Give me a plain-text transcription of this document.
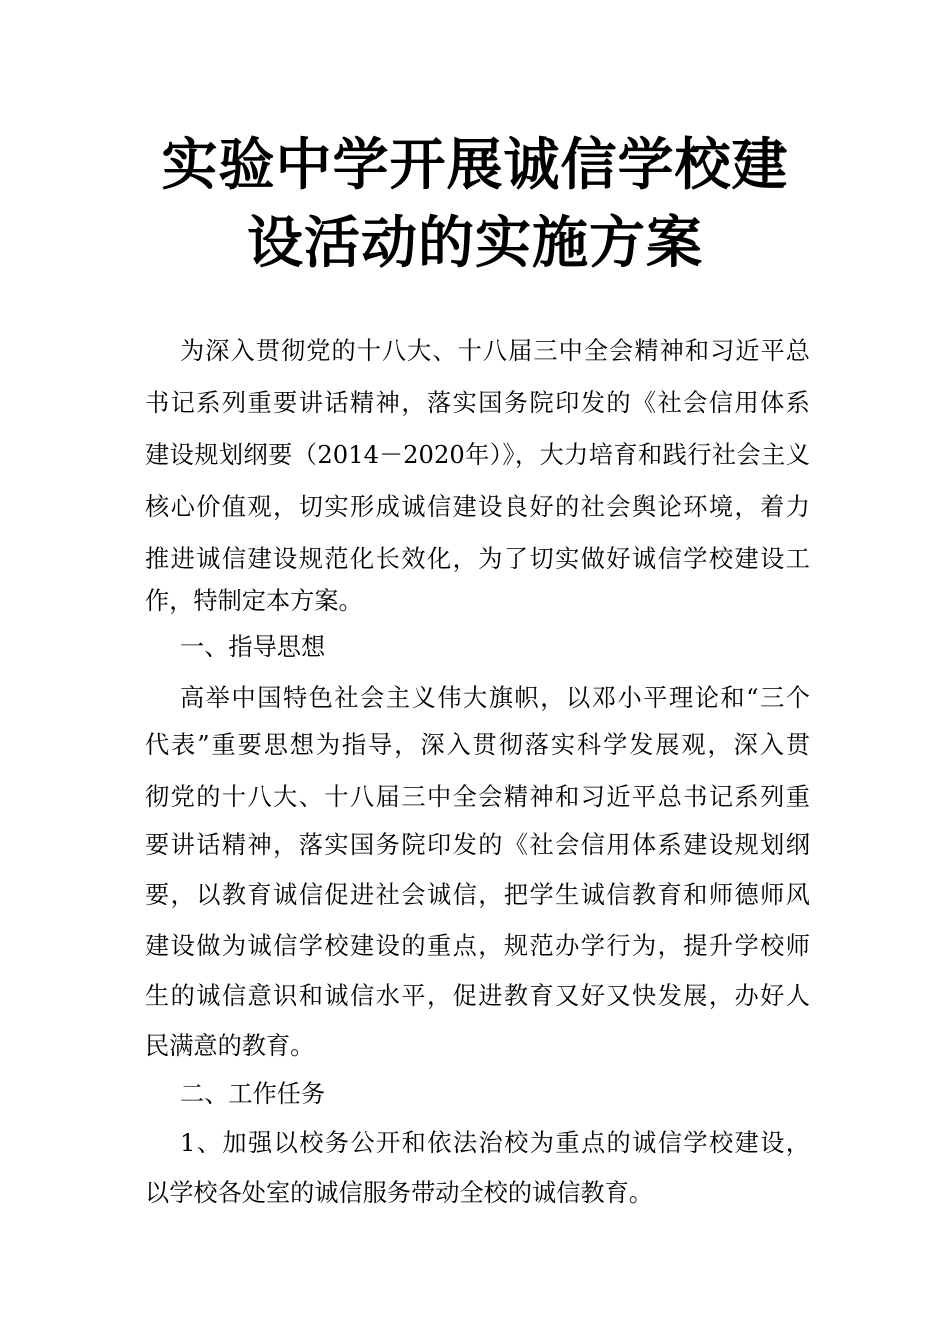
实验中学开展诚信学校建
设活动的实施方案

为深入贯彻党的十八大、十八届三中全会精神和习近平总

书记系列重要讲话精神，落实国务院印发的《社会信用体系

建设规划纲要（2014－2020年）》，大力培育和践行社会主义

核心价值观，切实形成诚信建设良好的社会舆论环境，着力

推进诚信建设规范化长效化，为了切实做好诚信学校建设工

作，特制定本方案。

一、指导思想

高举中国特色社会主义伟大旗帜，以邓小平理论和“三个

代表”重要思想为指导，深入贯彻落实科学发展观，深入贯

彻党的十八大、十八届三中全会精神和习近平总书记系列重

要讲话精神，落实国务院印发的《社会信用体系建设规划纲

要，以教育诚信促进社会诚信，把学生诚信教育和师德师风

建设做为诚信学校建设的重点，规范办学行为，提升学校师

生的诚信意识和诚信水平，促进教育又好又快发展，办好人

民满意的教育。

二、工作任务

1、加强以校务公开和依法治校为重点的诚信学校建设，

以学校各处室的诚信服务带动全校的诚信教育。
